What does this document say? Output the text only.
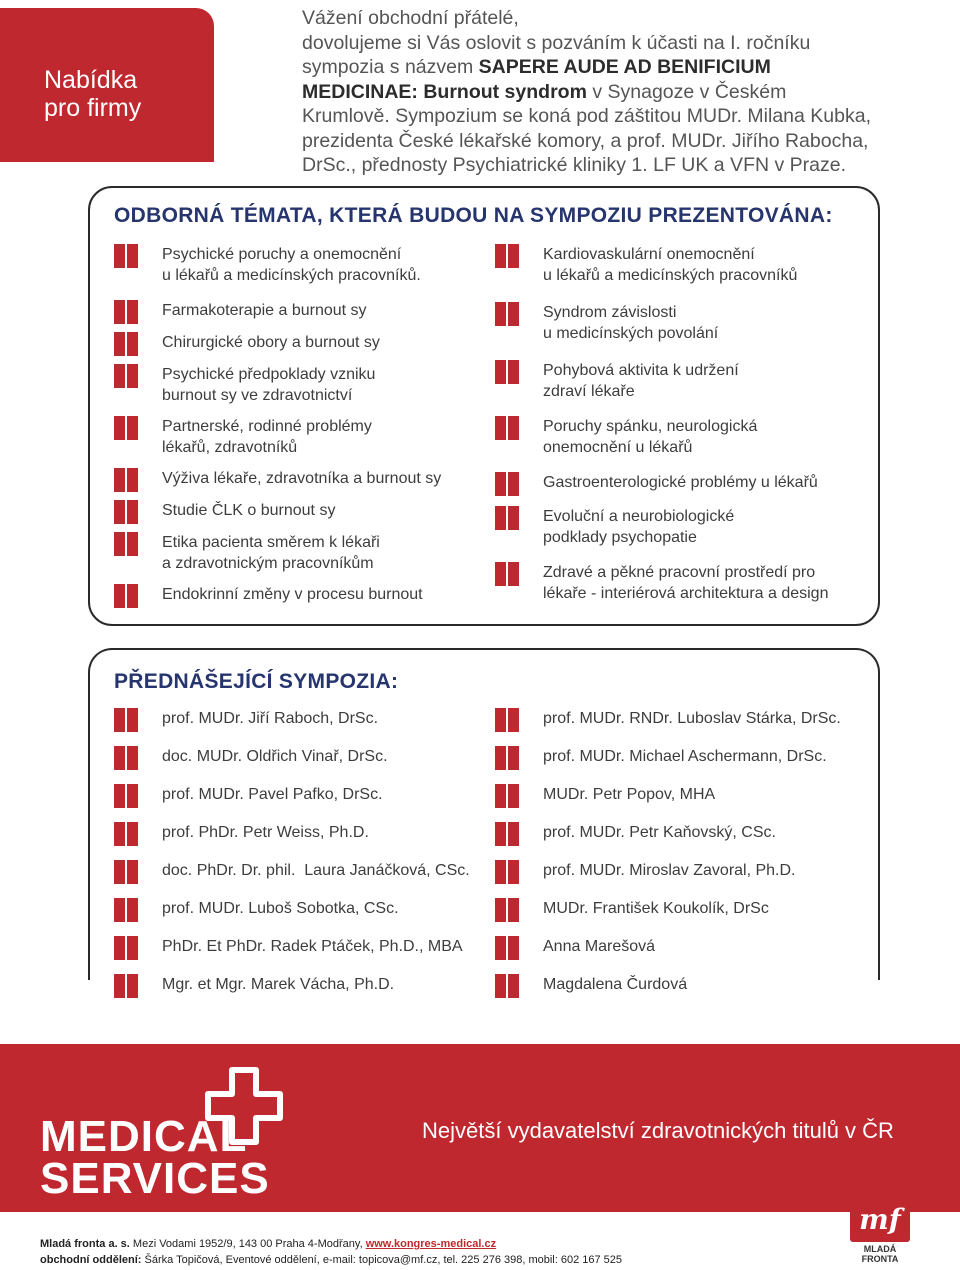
Nabídka
pro firmy
Vážení obchodní přátelé,
dovolujeme si Vás oslovit s pozváním k účasti na I. ročníku sympozia s názvem SAPERE AUDE AD BENIFICIUM MEDICINAE: Burnout syndrom v Synagoze v Českém Krumlově. Sympozium se koná pod záštitou MUDr. Milana Kubka, prezidenta České lékařské komory, a prof. MUDr. Jiřího Rabocha, DrSc., přednosty Psychiatrické kliniky 1. LF UK a VFN v Praze.
ODBORNÁ TÉMATA, KTERÁ BUDOU NA SYMPOZIU PREZENTOVÁNA:
Psychické poruchy a onemocnění
u lékařů a medicínských pracovníků.
Farmakoterapie a burnout sy
Chirurgické obory a burnout sy
Psychické předpoklady vzniku
burnout sy ve zdravotnictví
Partnerské, rodinné problémy
lékařů, zdravotníků
Výživa lékaře, zdravotníka a burnout sy
Studie ČLK o burnout sy
Etika pacienta směrem k lékaři
a zdravotnickým pracovníkům
Endokrinní změny v procesu burnout
Kardiovaskulární onemocnění
u lékařů a medicínských pracovníků
Syndrom závislosti
u medicínských povolání
Pohybová aktivita k udržení
zdraví lékaře
Poruchy spánku, neurologická
onemocnění u lékařů
Gastroenterologické problémy u lékařů
Evoluční a neurobiologické
podklady psychopatie
Zdravé a pěkné pracovní prostředí pro
lékaře - interiérová architektura a design
PŘEDNÁŠEJÍCÍ SYMPOZIA:
prof. MUDr. Jiří Raboch, DrSc.
doc. MUDr. Oldřich Vinař, DrSc.
prof. MUDr. Pavel Pafko, DrSc.
prof. PhDr. Petr Weiss, Ph.D.
doc. PhDr. Dr. phil.  Laura Janáčková, CSc.
prof. MUDr. Luboš Sobotka, CSc.
PhDr. Et PhDr. Radek Ptáček, Ph.D., MBA
Mgr. et Mgr. Marek Vácha, Ph.D.
prof. MUDr. RNDr. Luboslav Stárka, DrSc.
prof. MUDr. Michael Aschermann, DrSc.
MUDr. Petr Popov, MHA
prof. MUDr. Petr Kaňovský, CSc.
prof. MUDr. Miroslav Zavoral, Ph.D.
MUDr. František Koukolík, DrSc
Anna Marešová
Magdalena Čurdová
MEDICAL
SERVICES
Největší vydavatelství zdravotnických titulů v ČR
Mladá fronta a. s. Mezi Vodami 1952/9, 143 00 Praha 4-Modřany, www.kongres-medical.cz
obchodní oddělení: Šárka Topičová, Eventové oddělení, e-mail: topicova@mf.cz, tel. 225 276 398, mobil: 602 167 525
mf
MLADÁ FRONTA
